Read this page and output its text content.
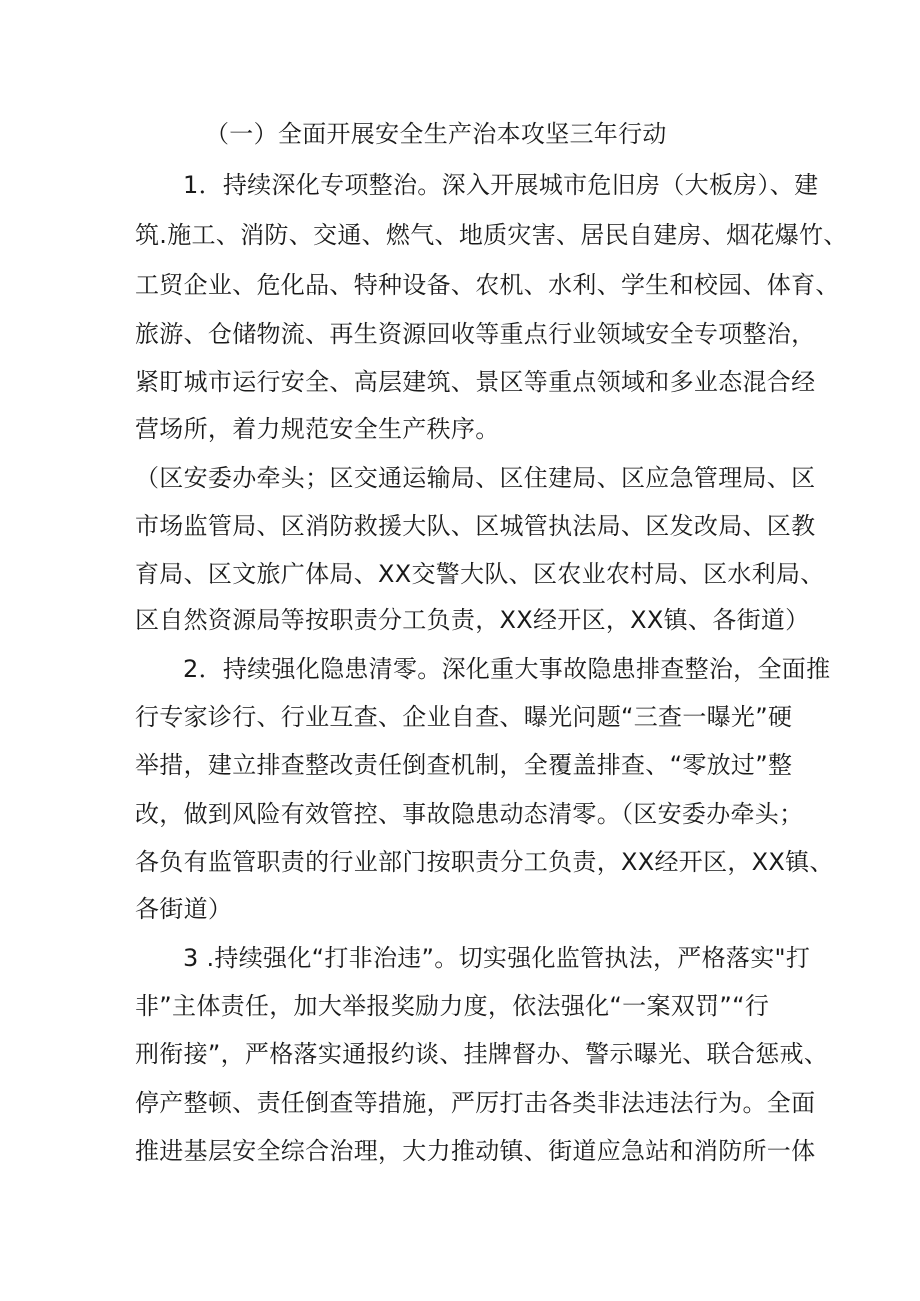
（一）全面开展安全生产治本攻坚三年行动
1．持续深化专项整治。深入开展城市危旧房（大板房）、建
筑.施工、消防、交通、燃气、地质灾害、居民自建房、烟花爆竹、
工贸企业、危化品、特种设备、农机、水利、学生和校园、体育、
旅游、仓储物流、再生资源回收等重点行业领域安全专项整治，
紧盯城市运行安全、高层建筑、景区等重点领域和多业态混合经
营场所，着力规范安全生产秩序。
（区安委办牵头；区交通运输局、区住建局、区应急管理局、区
市场监管局、区消防救援大队、区城管执法局、区发改局、区教
育局、区文旅广体局、XX交警大队、区农业农村局、区水利局、
区自然资源局等按职责分工负责，XX经开区，XX镇、各街道）
2．持续强化隐患清零。深化重大事故隐患排查整治，全面推
行专家诊行、行业互查、企业自查、曝光问题“三查一曝光”硬
举措，建立排查整改责任倒查机制，全覆盖排查、“零放过”整
改，做到风险有效管控、事故隐患动态清零。（区安委办牵头；
各负有监管职责的行业部门按职责分工负责，XX经开区，XX镇、
各街道）
3 .持续强化“打非治违”。切实强化监管执法，严格落实"打
非”主体责任，加大举报奖励力度，依法强化“一案双罚”“行
刑衔接”，严格落实通报约谈、挂牌督办、警示曝光、联合惩戒、
停产整顿、责任倒查等措施，严厉打击各类非法违法行为。全面
推进基层安全综合治理，大力推动镇、街道应急站和消防所一体
